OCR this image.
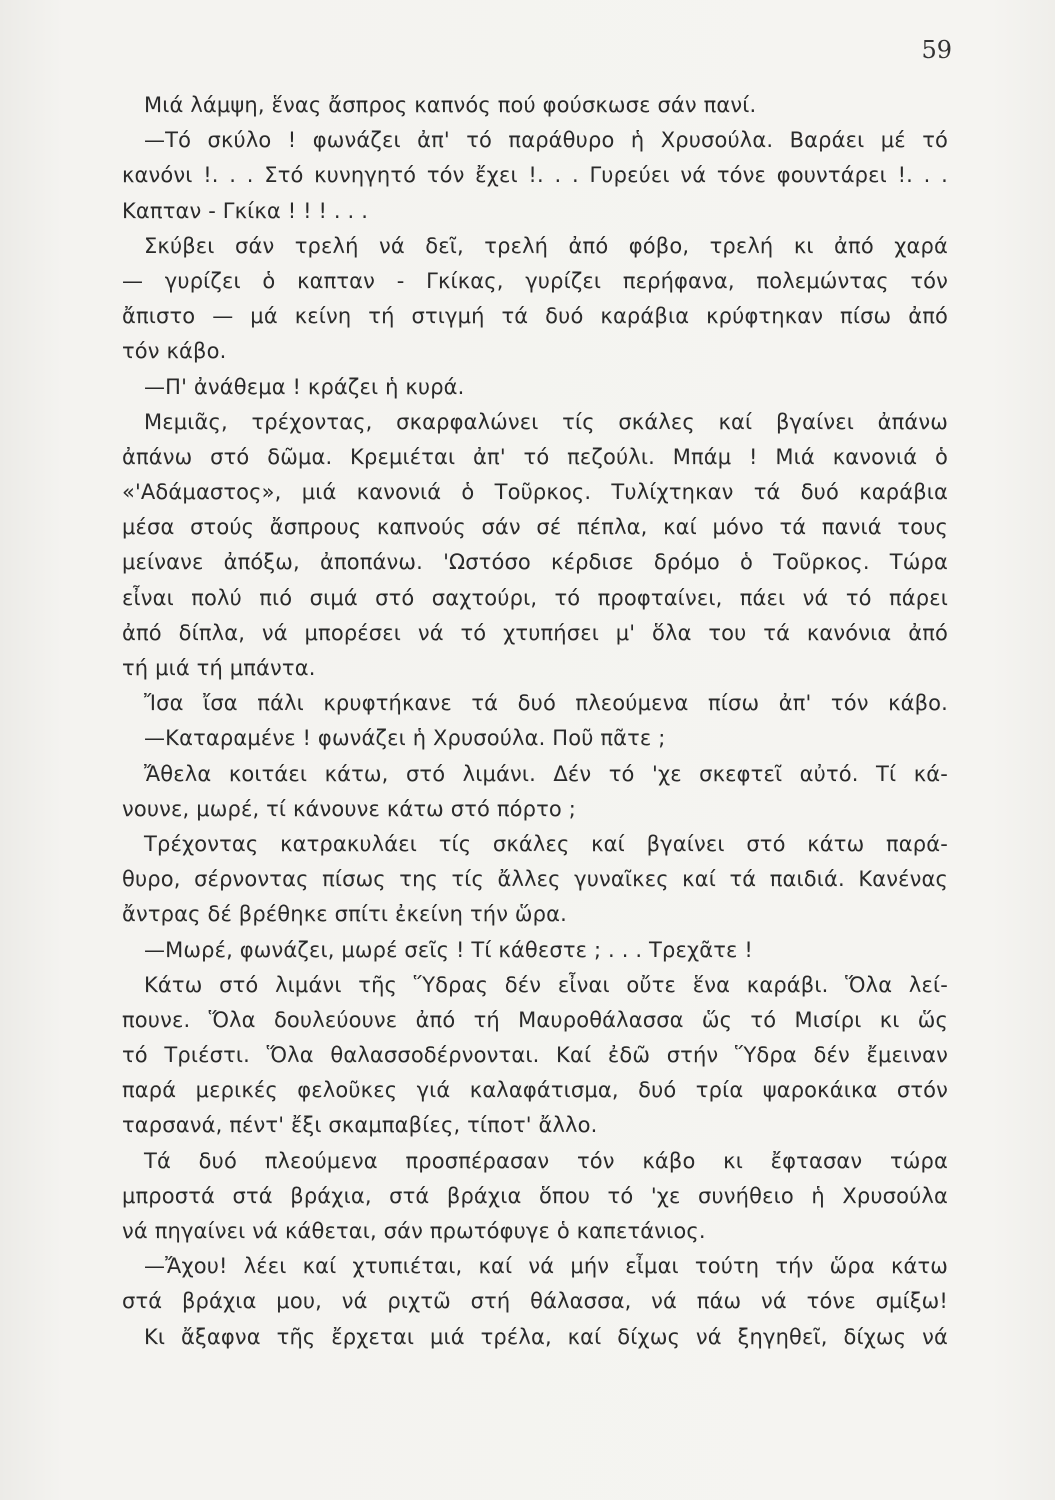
59
Μιά λάμψη, ἕνας ἄσπρος καπνός πού φούσκωσε σάν πανί.
—Τό σκύλο ! φωνάζει ἀπ' τό παράθυρο ἡ Χρυσούλα. Βαράει μέ τό
κανόνι !. . . Στό κυνηγητό τόν ἔχει !. . . Γυρεύει νά τόνε φουντάρει !. . .
Καπταν - Γκίκα ! ! ! . . .
Σκύβει σάν τρελή νά δεῖ, τρελή ἀπό φόβο, τρελή κι ἀπό χαρά
— γυρίζει ὁ καπταν - Γκίκας, γυρίζει περήφανα, πολεμώντας τόν
ἄπιστο — μά κείνη τή στιγμή τά δυό καράβια κρύφτηκαν πίσω ἀπό
τόν κάβο.
—Π' ἀνάθεμα ! κράζει ἡ κυρά.
Μεμιᾶς, τρέχοντας, σκαρφαλώνει τίς σκάλες καί βγαίνει ἀπάνω
ἀπάνω στό δῶμα. Κρεμιέται ἀπ' τό πεζούλι. Μπάμ ! Μιά κανονιά ὁ
«'Αδάμαστος», μιά κανονιά ὁ Τοῦρκος. Τυλίχτηκαν τά δυό καράβια
μέσα στούς ἄσπρους καπνούς σάν σέ πέπλα, καί μόνο τά πανιά τους
μείνανε ἀπόξω, ἀποπάνω. 'Ωστόσο κέρδισε δρόμο ὁ Τοῦρκος. Τώρα
εἶναι πολύ πιό σιμά στό σαχτούρι, τό προφταίνει, πάει νά τό πάρει
ἀπό δίπλα, νά μπορέσει νά τό χτυπήσει μ' ὅλα του τά κανόνια ἀπό
τή μιά τή μπάντα.
Ἴσα ἴσα πάλι κρυφτήκανε τά δυό πλεούμενα πίσω ἀπ' τόν κάβο.
—Καταραμένε ! φωνάζει ἡ Χρυσούλα. Ποῦ πᾶτε ;
Ἄθελα κοιτάει κάτω, στό λιμάνι. Δέν τό 'χε σκεφτεῖ αὐτό. Τί κά-
νουνε, μωρέ, τί κάνουνε κάτω στό πόρτο ;
Τρέχοντας κατρακυλάει τίς σκάλες καί βγαίνει στό κάτω παρά-
θυρο, σέρνοντας πίσως της τίς ἄλλες γυναῖκες καί τά παιδιά. Κανένας
ἄντρας δέ βρέθηκε σπίτι ἐκείνη τήν ὥρα.
—Μωρέ, φωνάζει, μωρέ σεῖς ! Τί κάθεστε ; . . . Τρεχᾶτε !
Κάτω στό λιμάνι τῆς Ὕδρας δέν εἶναι οὔτε ἕνα καράβι. Ὅλα λεί-
πουνε. Ὅλα δουλεύουνε ἀπό τή Μαυροθάλασσα ὥς τό Μισίρι κι ὥς
τό Τριέστι. Ὅλα θαλασσοδέρνονται. Καί ἐδῶ στήν Ὕδρα δέν ἔμειναν
παρά μερικές φελοῦκες γιά καλαφάτισμα, δυό τρία ψαροκάικα στόν
ταρσανά, πέντ' ἔξι σκαμπαβίες, τίποτ' ἄλλο.
Τά δυό πλεούμενα προσπέρασαν τόν κάβο κι ἔφτασαν τώρα
μπροστά στά βράχια, στά βράχια ὅπου τό 'χε συνήθειο ἡ Χρυσούλα
νά πηγαίνει νά κάθεται, σάν πρωτόφυγε ὁ καπετάνιος.
—Ἄχου! λέει καί χτυπιέται, καί νά μήν εἶμαι τούτη τήν ὥρα κάτω
στά βράχια μου, νά ριχτῶ στή θάλασσα, νά πάω νά τόνε σμίξω!
Κι ἄξαφνα τῆς ἔρχεται μιά τρέλα, καί δίχως νά ξηγηθεῖ, δίχως νά
